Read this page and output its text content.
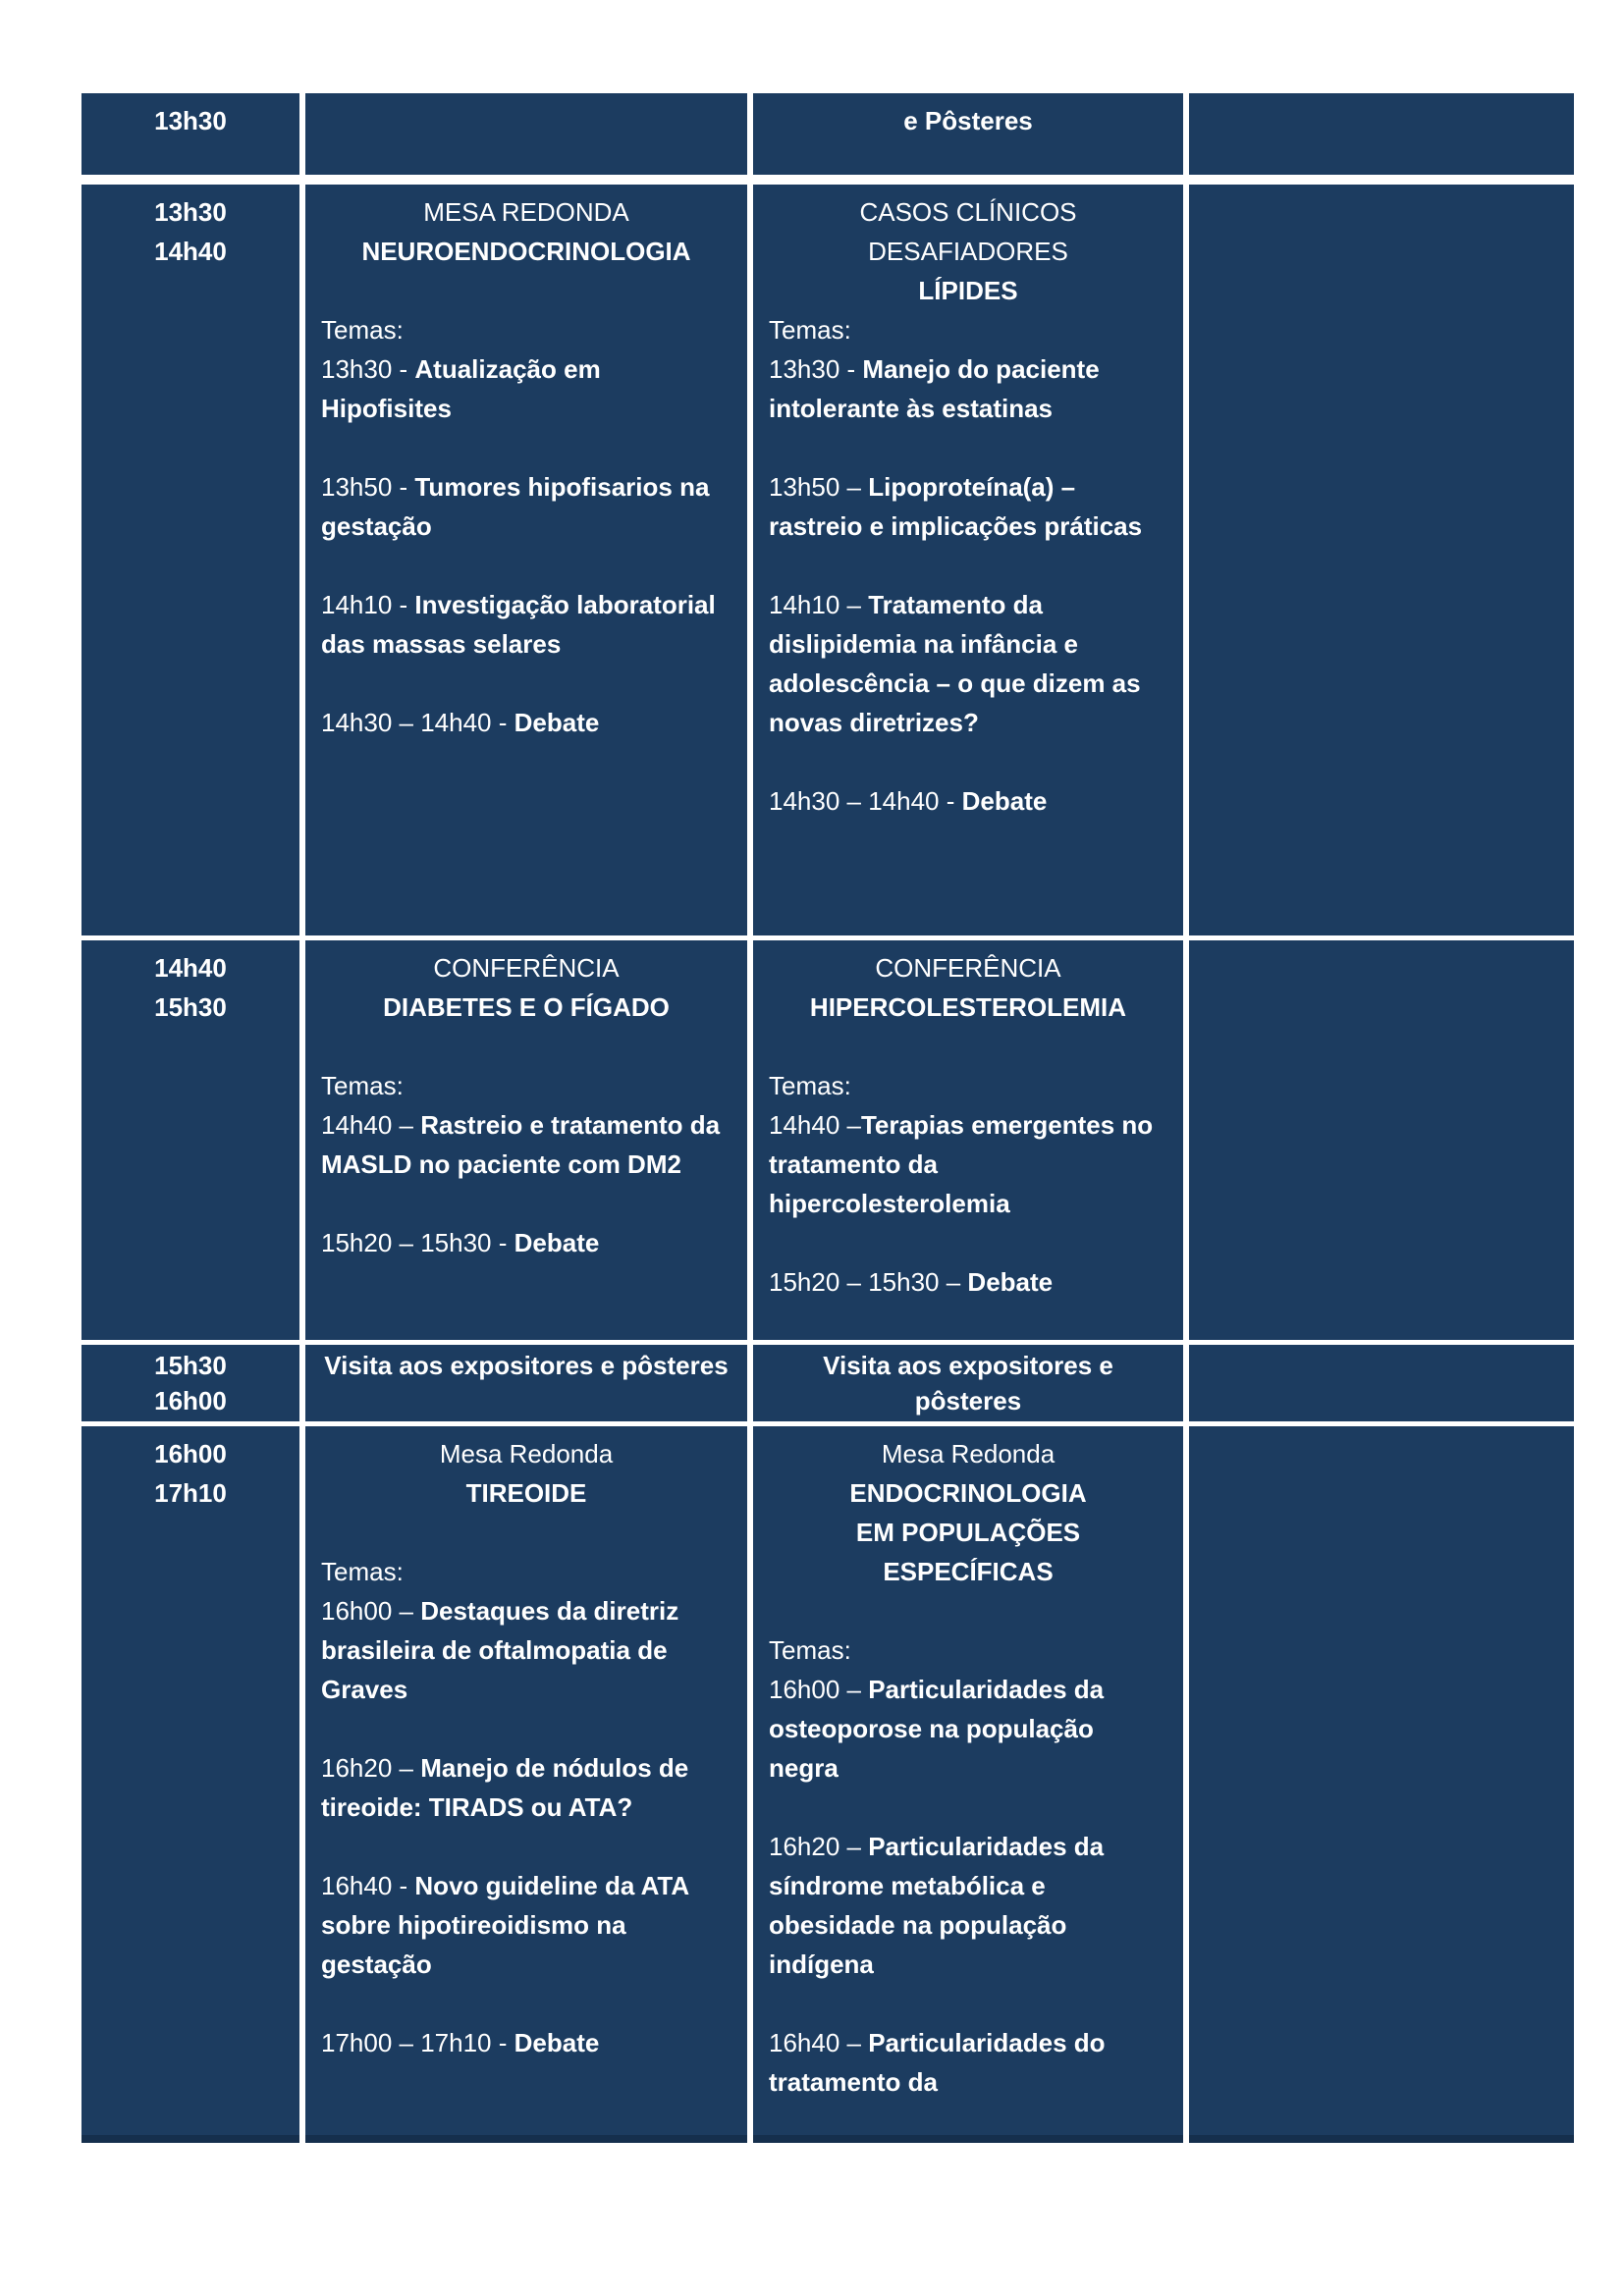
13h30	e Pôsteres
13h30
14h40
MESA REDONDA
NEUROENDOCRINOLOGIA

Temas:
13h30 - Atualização em Hipofisites

13h50 - Tumores hipofisarios na gestação

14h10 - Investigação laboratorial das massas selares

14h30 – 14h40 - Debate
CASOS CLÍNICOS
DESAFIADORES
LÍPIDES
Temas:
13h30 - Manejo do paciente intolerante às estatinas

13h50 – Lipoproteína(a) – rastreio e implicações práticas

14h10 – Tratamento da dislipidemia na infância e adolescência – o que dizem as novas diretrizes?

14h30 – 14h40 - Debate
14h40
15h30
CONFERÊNCIA
DIABETES E O FÍGADO

Temas:
14h40 – Rastreio e tratamento da MASLD no paciente com DM2

15h20 – 15h30 - Debate
CONFERÊNCIA
HIPERCOLESTEROLEMIA

Temas:
14h40 –Terapias emergentes no tratamento da hipercolesterolemia

15h20 – 15h30 – Debate
15h30
16h00
Visita aos expositores e pôsteres	Visita aos expositores e pôsteres
16h00
17h10
Mesa Redonda
TIREOIDE

Temas:
16h00 – Destaques da diretriz brasileira de oftalmopatia de Graves

16h20 – Manejo de nódulos de tireoide: TIRADS ou ATA?

16h40 - Novo guideline da ATA sobre hipotireoidismo na gestação

17h00 – 17h10 - Debate
Mesa Redonda
ENDOCRINOLOGIA
EM POPULAÇÕES
ESPECÍFICAS

Temas:
16h00 – Particularidades da osteoporose na população negra

16h20 – Particularidades da síndrome metabólica e obesidade na população indígena

16h40 – Particularidades do tratamento da
